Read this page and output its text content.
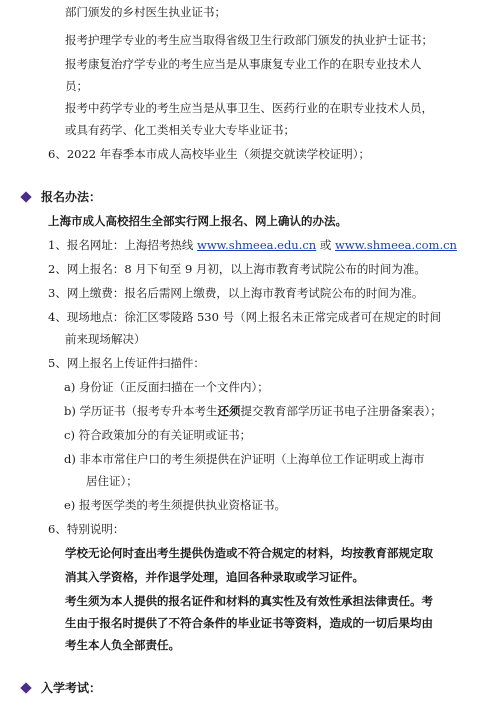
部门颁发的乡村医生执业证书；
报考护理学专业的考生应当取得省级卫生行政部门颁发的执业护士证书；
报考康复治疗学专业的考生应当是从事康复专业工作的在职专业技术人
员；
报考中药学专业的考生应当是从事卫生、医药行业的在职专业技术人员，
或具有药学、化工类相关专业大专毕业证书；
6、2022 年春季本市成人高校毕业生（须提交就读学校证明）；
报名办法：
上海市成人高校招生全部实行网上报名、网上确认的办法。
1、报名网址：上海招考热线 www.shmeea.edu.cn 或 www.shmeea.com.cn
2、网上报名：8 月下旬至 9 月初，以上海市教育考试院公布的时间为准。
3、网上缴费：报名后需网上缴费，以上海市教育考试院公布的时间为准。
4、现场地点：徐汇区零陵路 530 号（网上报名未正常完成者可在规定的时间
前来现场解决）
5、网上报名上传证件扫描件：
a) 身份证（正反面扫描在一个文件内）；
b) 学历证书（报考专升本考生还须提交教育部学历证书电子注册备案表）；
c) 符合政策加分的有关证明或证书；
d) 非本市常住户口的考生须提供在沪证明（上海单位工作证明或上海市
居住证）；
e) 报考医学类的考生须提供执业资格证书。
6、特别说明：
学校无论何时查出考生提供伪造或不符合规定的材料，均按教育部规定取
消其入学资格，并作退学处理，追回各种录取或学习证件。
考生须为本人提供的报名证件和材料的真实性及有效性承担法律责任。考
生由于报名时提供了不符合条件的毕业证书等资料，造成的一切后果均由
考生本人负全部责任。
入学考试：
